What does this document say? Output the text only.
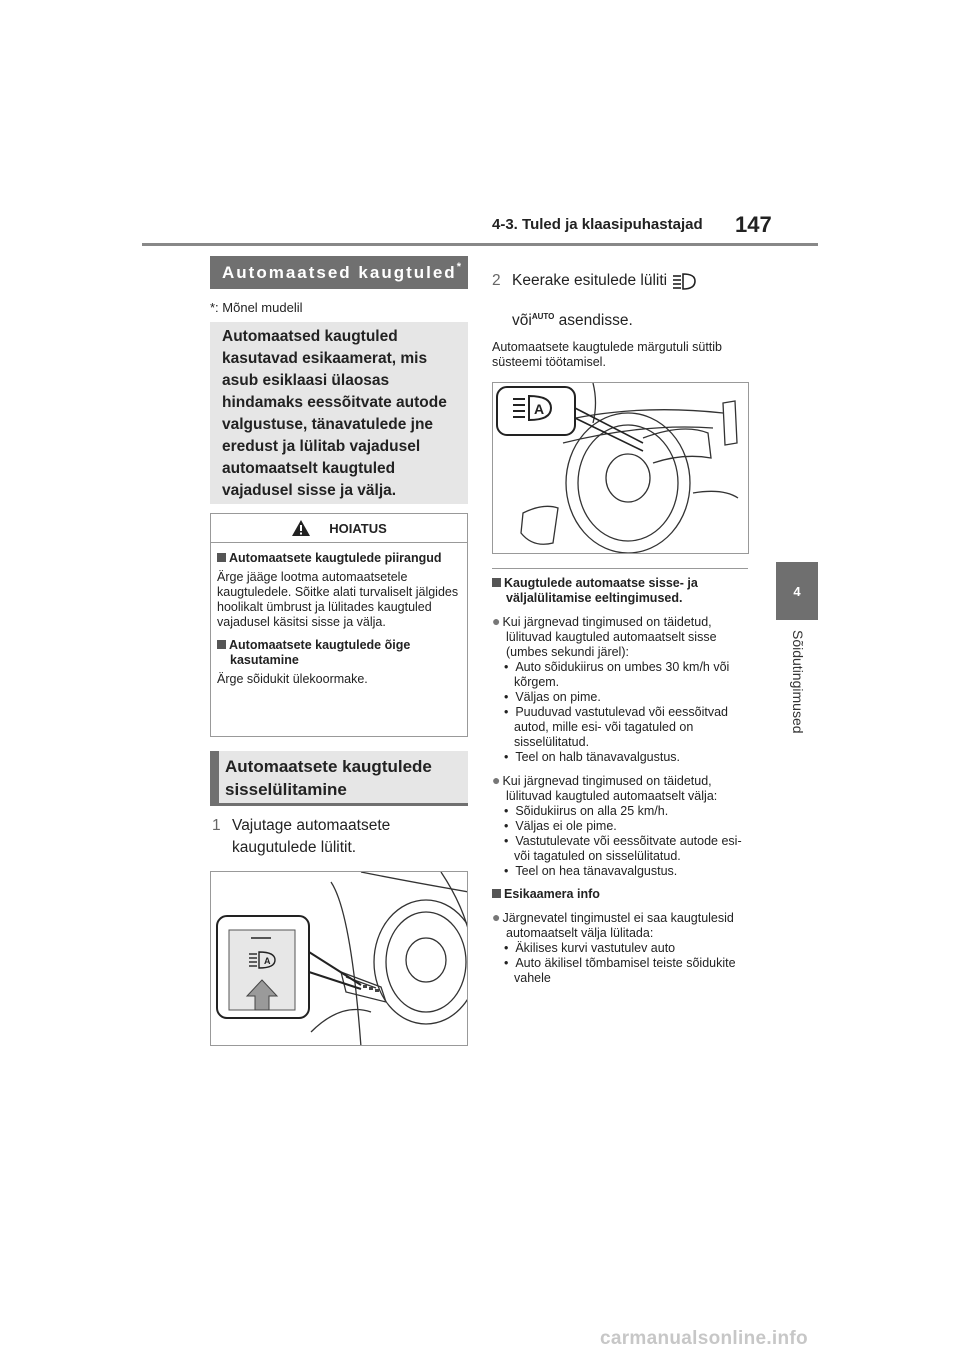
4-3. Tuled ja klaasipuhastajad 147
4
Sõidutingimused
Automaatsed kaugtuled*
*: Mõnel mudelil
Automaatsed kaugtuled kasutavad esikaamerat, mis asub esiklaasi ülaosas hindamaks eessõitvate autode valgustuse, tänavatulede jne eredust ja lülitab vajadusel automaatselt kaugtuled vajadusel sisse ja välja.
HOIATUS
Automaatsete kaugtulede piirangud
Ärge jääge lootma automaatsetele kaugtuledele. Sõitke alati turvaliselt jälgides hoolikalt ümbrust ja lülitades kaugtuled vajadusel käsitsi sisse ja välja.
Automaatsete kaugtulede õige kasutamine
Ärge sõidukit ülekoormake.
Automaatsete kaugtulede sisselülitamine
1 Vajutage automaatsete kaugutulede lülitit.
A
2 Keerake esitulede lüliti
või$^{AUTO}$ asendisse.
Automaatsete kaugtulede märgutuli süttib süsteemi töötamisel.
A
Kaugtulede automaatse sisse- ja väljalülitamise eeltingimused.
● Kui järgnevad tingimused on täidetud, lülituvad kaugtuled automaatselt sisse (umbes sekundi järel):
•  Auto sõidukiirus on umbes 30 km/h või kõrgem.
•  Väljas on pime.
•  Puuduvad vastutulevad või eessõitvad autod, mille esi- või tagatuled on sisselülitatud.
•  Teel on halb tänavavalgustus.
● Kui järgnevad tingimused on täidetud, lülituvad kaugtuled automaatselt välja:
•  Sõidukiirus on alla 25 km/h.
•  Väljas ei ole pime.
•  Vastutulevate või eessõitvate autode esi- või tagatuled on sisselülitatud.
•  Teel on hea tänavavalgustus.
Esikaamera info
● Järgnevatel tingimustel ei saa kaugtulesid automaatselt välja lülitada:
•  Äkilises kurvi vastutulev auto
•  Auto äkilisel tõmbamisel teiste sõidukite vahele
carmanualsonline.info
